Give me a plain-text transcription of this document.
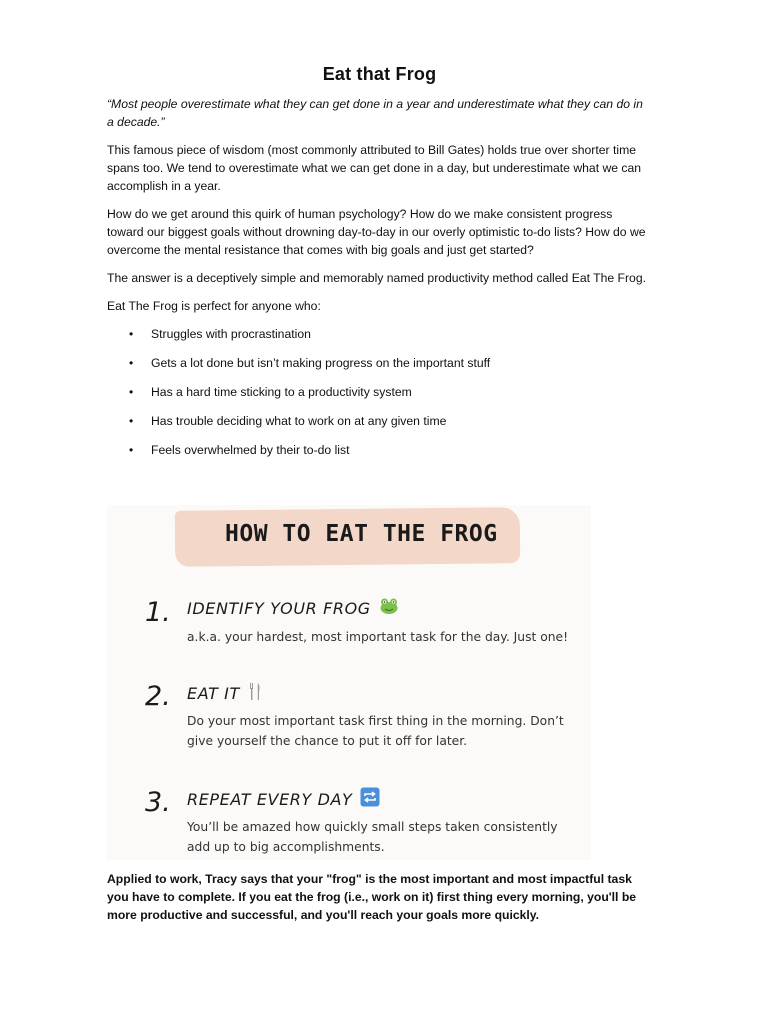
Eat that Frog

“Most people overestimate what they can get done in a year and underestimate what they can do in a decade.”

This famous piece of wisdom (most commonly attributed to Bill Gates) holds true over shorter time spans too. We tend to overestimate what we can get done in a day, but underestimate what we can accomplish in a year.

How do we get around this quirk of human psychology? How do we make consistent progress toward our biggest goals without drowning day-to-day in our overly optimistic to-do lists? How do we overcome the mental resistance that comes with big goals and just get started?

The answer is a deceptively simple and memorably named productivity method called Eat The Frog.

Eat The Frog is perfect for anyone who:

• Struggles with procrastination
• Gets a lot done but isn’t making progress on the important stuff
• Has a hard time sticking to a productivity system
• Has trouble deciding what to work on at any given time
• Feels overwhelmed by their to-do list
HOW TO EAT THE FROG
1. IDENTIFY YOUR FROG
a.k.a. your hardest, most important task for the day. Just one!
2. EAT IT
Do your most important task first thing in the morning. Don’t give yourself the chance to put it off for later.
3. REPEAT EVERY DAY
You’ll be amazed how quickly small steps taken consistently add up to big accomplishments.

Applied to work, Tracy says that your "frog" is the most important and most impactful task you have to complete. If you eat the frog (i.e., work on it) first thing every morning, you'll be more productive and successful, and you'll reach your goals more quickly.
